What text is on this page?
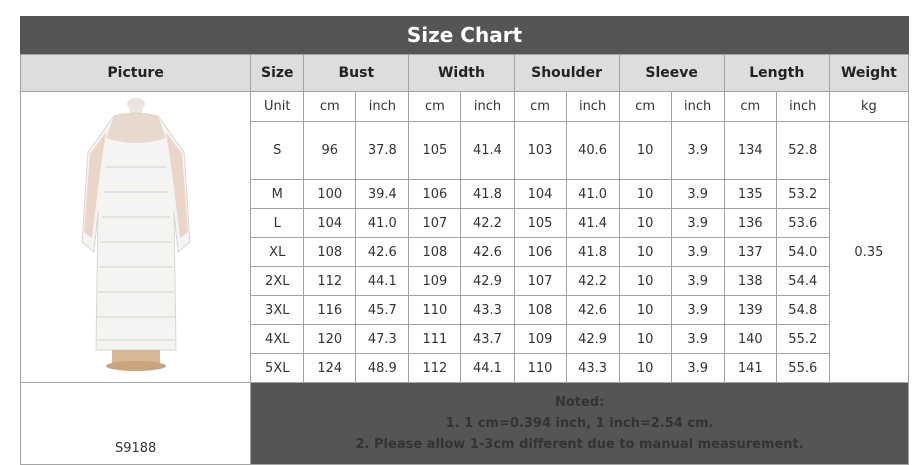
Size Chart
Picture	Size	Bust		Width		Shoulder		Sleeve		Length		Weight

	Unit	cm	inch	cm	inch	cm	inch	cm	inch	cm	inch	kg
	S	96	37.8	105	41.4	103	40.6	10	3.9	134	52.8	0.35
	M	100	39.4	106	41.8	104	41.0	10	3.9	135	53.2	
	L	104	41.0	107	42.2	105	41.4	10	3.9	136	53.6	
	XL	108	42.6	108	42.6	106	41.8	10	3.9	137	54.0	
	2XL	112	44.1	109	42.9	107	42.2	10	3.9	138	54.4	
	3XL	116	45.7	110	43.3	108	42.6	10	3.9	139	54.8	
	4XL	120	47.3	111	43.7	109	42.9	10	3.9	140	55.2	
	5XL	124	48.9	112	44.1	110	43.3	10	3.9	141	55.6	
S9188	Noted:
1. 1 cm=0.394 inch, 1 inch=2.54 cm.
2. Please allow 1-3cm different due to manual measurement.											
